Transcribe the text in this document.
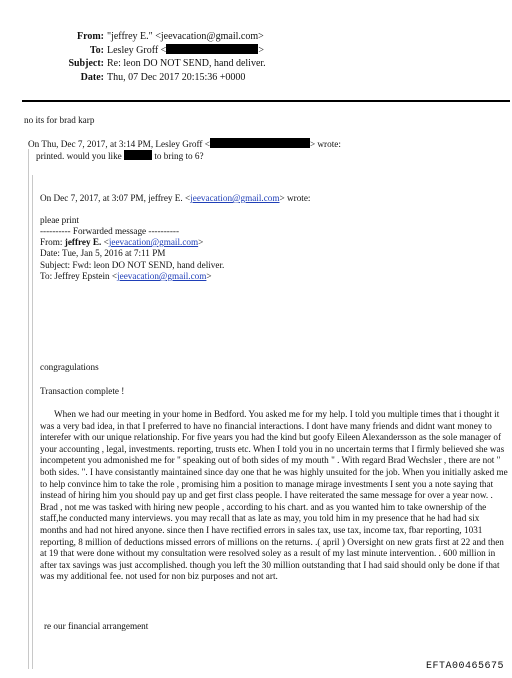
From: "jeffrey E." <jeevacation@gmail.com>
To: Lesley Groff <	>
Subject: Re: leon DO NOT SEND, hand deliver.
Date: Thu, 07 Dec 2017 20:15:36 +0000
no its for brad karp
On Thu, Dec 7, 2017, at 3:14 PM, Lesley Groff <	> wrote:
printed. would you like	to bring to 6?
On Dec 7, 2017, at 3:07 PM, jeffrey E. <jeevacation@gmail.com> wrote:
pleae print
---------- Forwarded message ----------
From: jeffrey E. <jeevacation@gmail.com>
Date: Tue, Jan 5, 2016 at 7:11 PM
Subject: Fwd: leon DO NOT SEND, hand deliver.
To: Jeffrey Epstein <jeevacation@gmail.com>
congragulations
Transaction complete !
When we had our meeting in your home in Bedford. You asked me for my help. I told you multiple times that i thought it was a very bad idea, in that I preferred to have no financial interactions. I dont have many friends and didnt want money to interefer with our unique relationship. For five years you had the kind but goofy Eileen Alexandersson as the sole manager of your accounting , legal, investments. reporting, trusts etc. When I told you in no uncertain terms that I firmly believed she was incompetent you admonished me for " speaking out of both sides of my mouth " . With regard Brad Wechsler , there are not " both sides. ". I have consistantly maintained since day one that he was highly unsuited for the job. When you initially asked me to help convince him to take the role , promising him a position to manage mirage investments I sent you a note saying that instead of hiring him you should pay up and get first class people. I have reiterated the same message for over a year now. . Brad , not me was tasked with hiring new people , according to his chart. and as you wanted him to take ownership of the staff,he conducted many interviews. you may recall that as late as may, you told him in my presence that he had had six months and had not hired anyone. since then I have rectified errors in sales tax, use tax, income tax, fbar reporting, 1031 reporting, 8 million of deductions missed errors of millions on the returns. .( april ) Oversight on new grats first at 22 and then at 19 that were done without my consultation were resolved soley as a result of my last minute intervention. . 600 million in after tax savings was just accomplished. though you left the 30 million outstanding that I had said should only be done if that was my additional fee. not used for non biz purposes and not art.
re our financial arrangement
EFTA00465675
